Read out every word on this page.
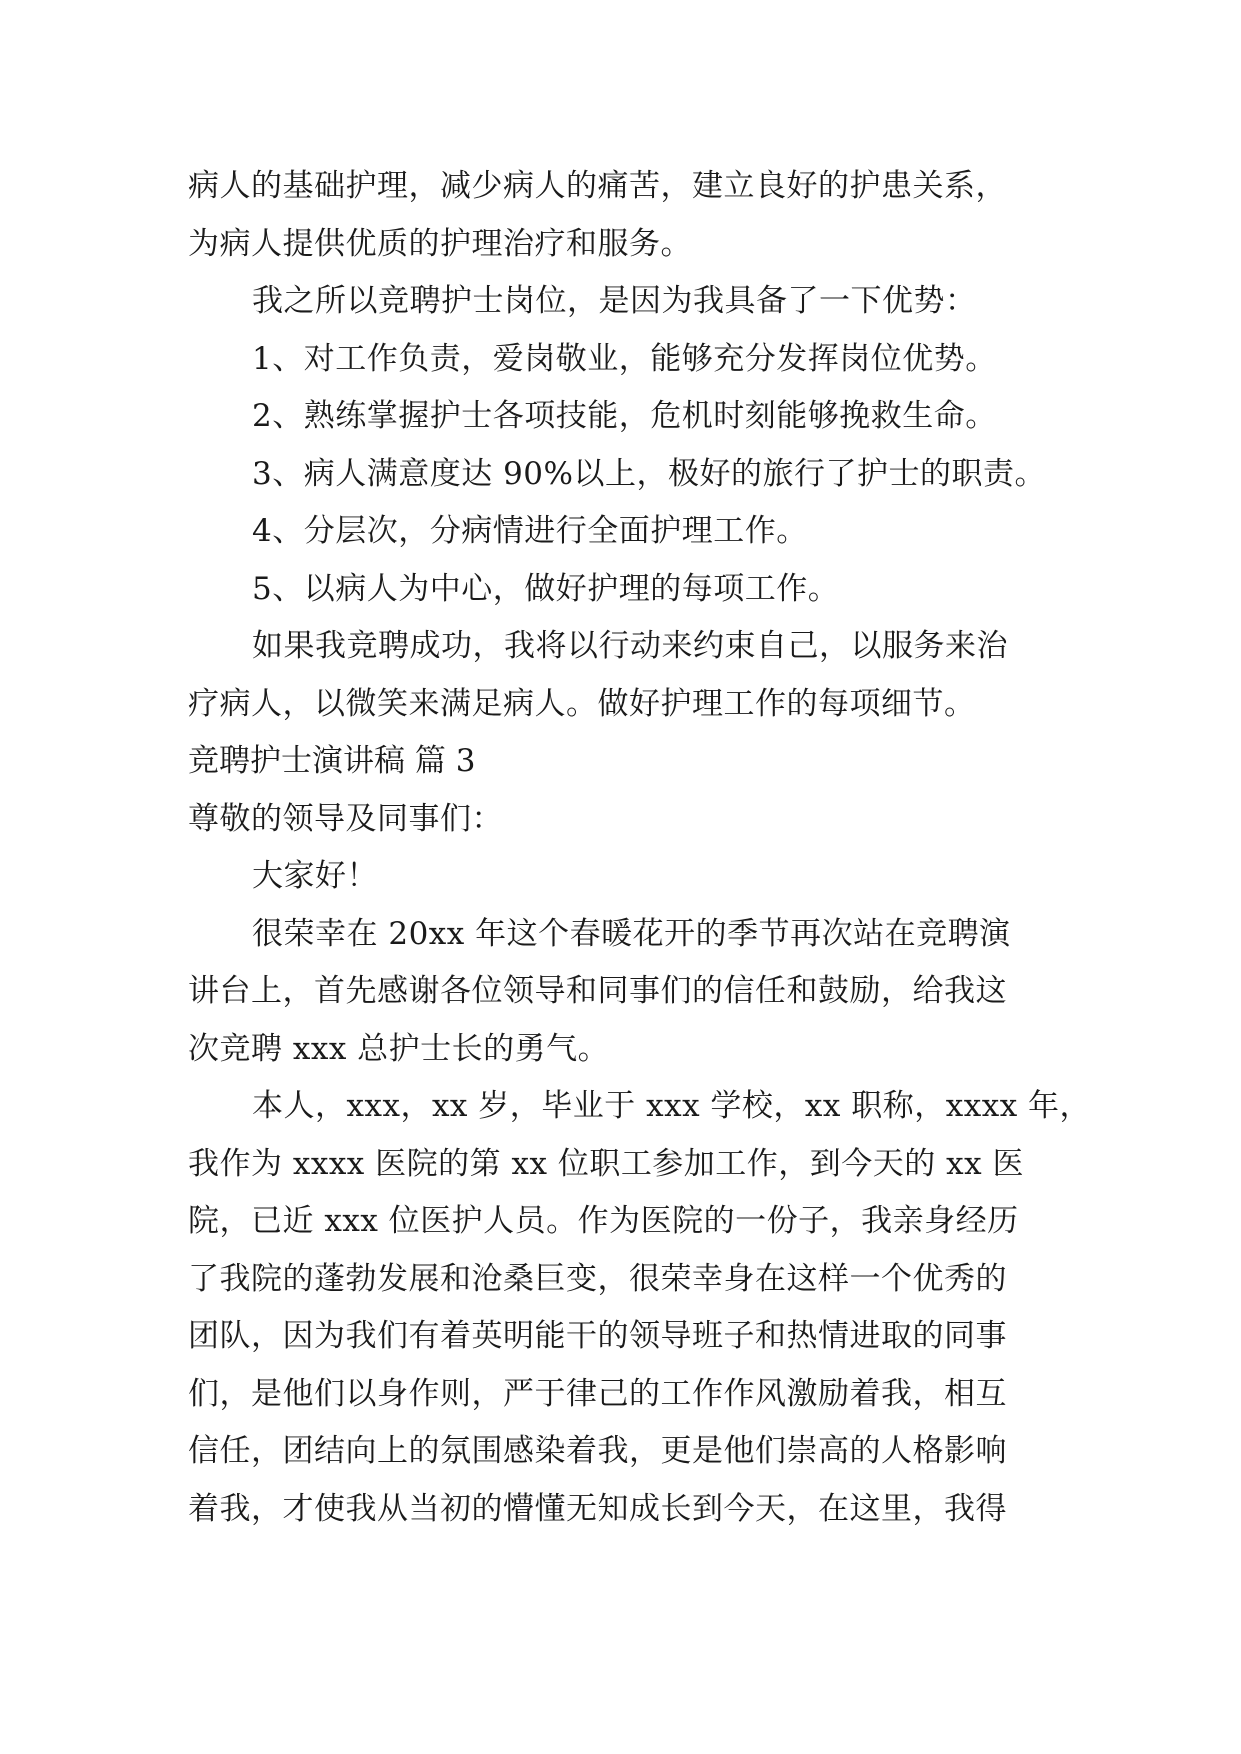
病人的基础护理，减少病人的痛苦，建立良好的护患关系，
为病人提供优质的护理治疗和服务。
我之所以竞聘护士岗位，是因为我具备了一下优势：
1、对工作负责，爱岗敬业，能够充分发挥岗位优势。
2、熟练掌握护士各项技能，危机时刻能够挽救生命。
3、病人满意度达 90%以上，极好的旅行了护士的职责。
4、分层次，分病情进行全面护理工作。
5、以病人为中心，做好护理的每项工作。
如果我竞聘成功，我将以行动来约束自己，以服务来治
疗病人，以微笑来满足病人。做好护理工作的每项细节。
竞聘护士演讲稿 篇 3
尊敬的领导及同事们：
大家好！
很荣幸在 20xx 年这个春暖花开的季节再次站在竞聘演
讲台上，首先感谢各位领导和同事们的信任和鼓励，给我这
次竞聘 xxx 总护士长的勇气。
本人，xxx，xx 岁，毕业于 xxx 学校，xx 职称，xxxx 年，
我作为 xxxx 医院的第 xx 位职工参加工作，到今天的 xx 医
院，已近 xxx 位医护人员。作为医院的一份子，我亲身经历
了我院的蓬勃发展和沧桑巨变，很荣幸身在这样一个优秀的
团队，因为我们有着英明能干的领导班子和热情进取的同事
们，是他们以身作则，严于律己的工作作风激励着我，相互
信任，团结向上的氛围感染着我，更是他们崇高的人格影响
着我，才使我从当初的懵懂无知成长到今天，在这里，我得
